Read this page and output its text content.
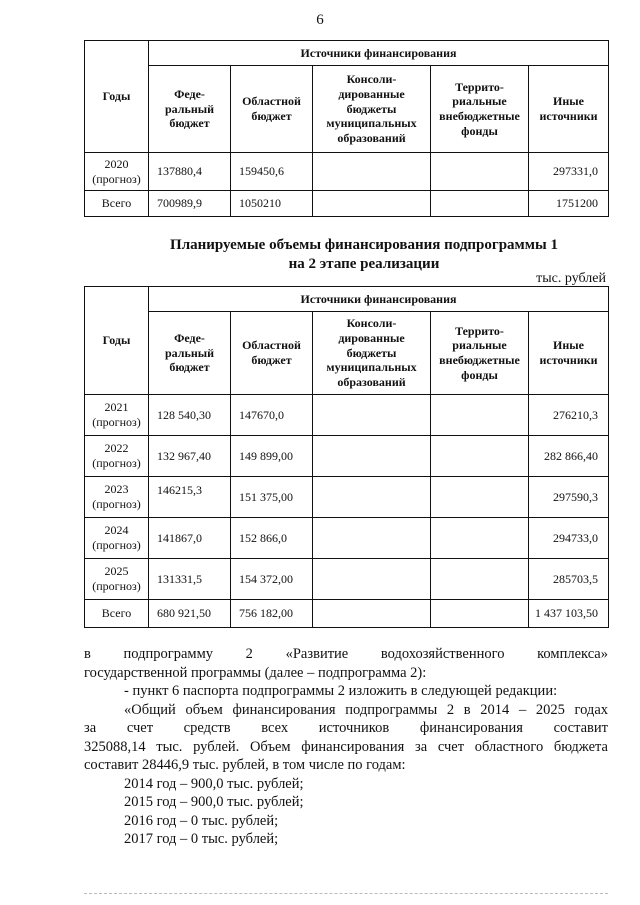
6
Годы	Источники финансирования				
	Феде-
ральный
бюджет	Областной
бюджет	Консоли-
дированные
бюджеты
муниципальных
образований	Террито-
риальные
внебюджетные
фонды	Иные
источники
2020
(прогноз)	137880,4	159450,6			297331,0
Всего	700989,9	1050210			1751200
Планируемые объемы финансирования подпрограммы 1
на 2 этапе реализации
тыс. рублей
Годы	Источники финансирования				
	Феде-
ральный
бюджет	Областной
бюджет	Консоли-
дированные
бюджеты
муниципальных
образований	Террито-
риальные
внебюджетные
фонды	Иные
источники
2021
(прогноз)	128 540,30	147670,0			276210,3
2022
(прогноз)	132 967,40	149 899,00			282 866,40
2023
(прогноз)	146215,3	151 375,00			297590,3
2024
(прогноз)	141867,0	152 866,0			294733,0
2025
(прогноз)	131331,5	154 372,00			285703,5
Всего	680 921,50	756 182,00			1 437 103,50

в подпрограмму 2 «Развитие водохозяйственного комплекса»

государственной программы (далее – подпрограмма 2):

- пункт 6 паспорта подпрограммы 2 изложить в следующей редакции:

«Общий объем финансирования подпрограммы 2 в 2014 – 2025 годах

за счет средств всех источников финансирования составит

325088,14 тыс. рублей. Объем финансирования за счет областного бюджета

составит 28446,9 тыс. рублей, в том числе по годам:

2014 год – 900,0 тыс. рублей;

2015 год – 900,0 тыс. рублей;

2016 год – 0 тыс. рублей;

2017 год – 0 тыс. рублей;
